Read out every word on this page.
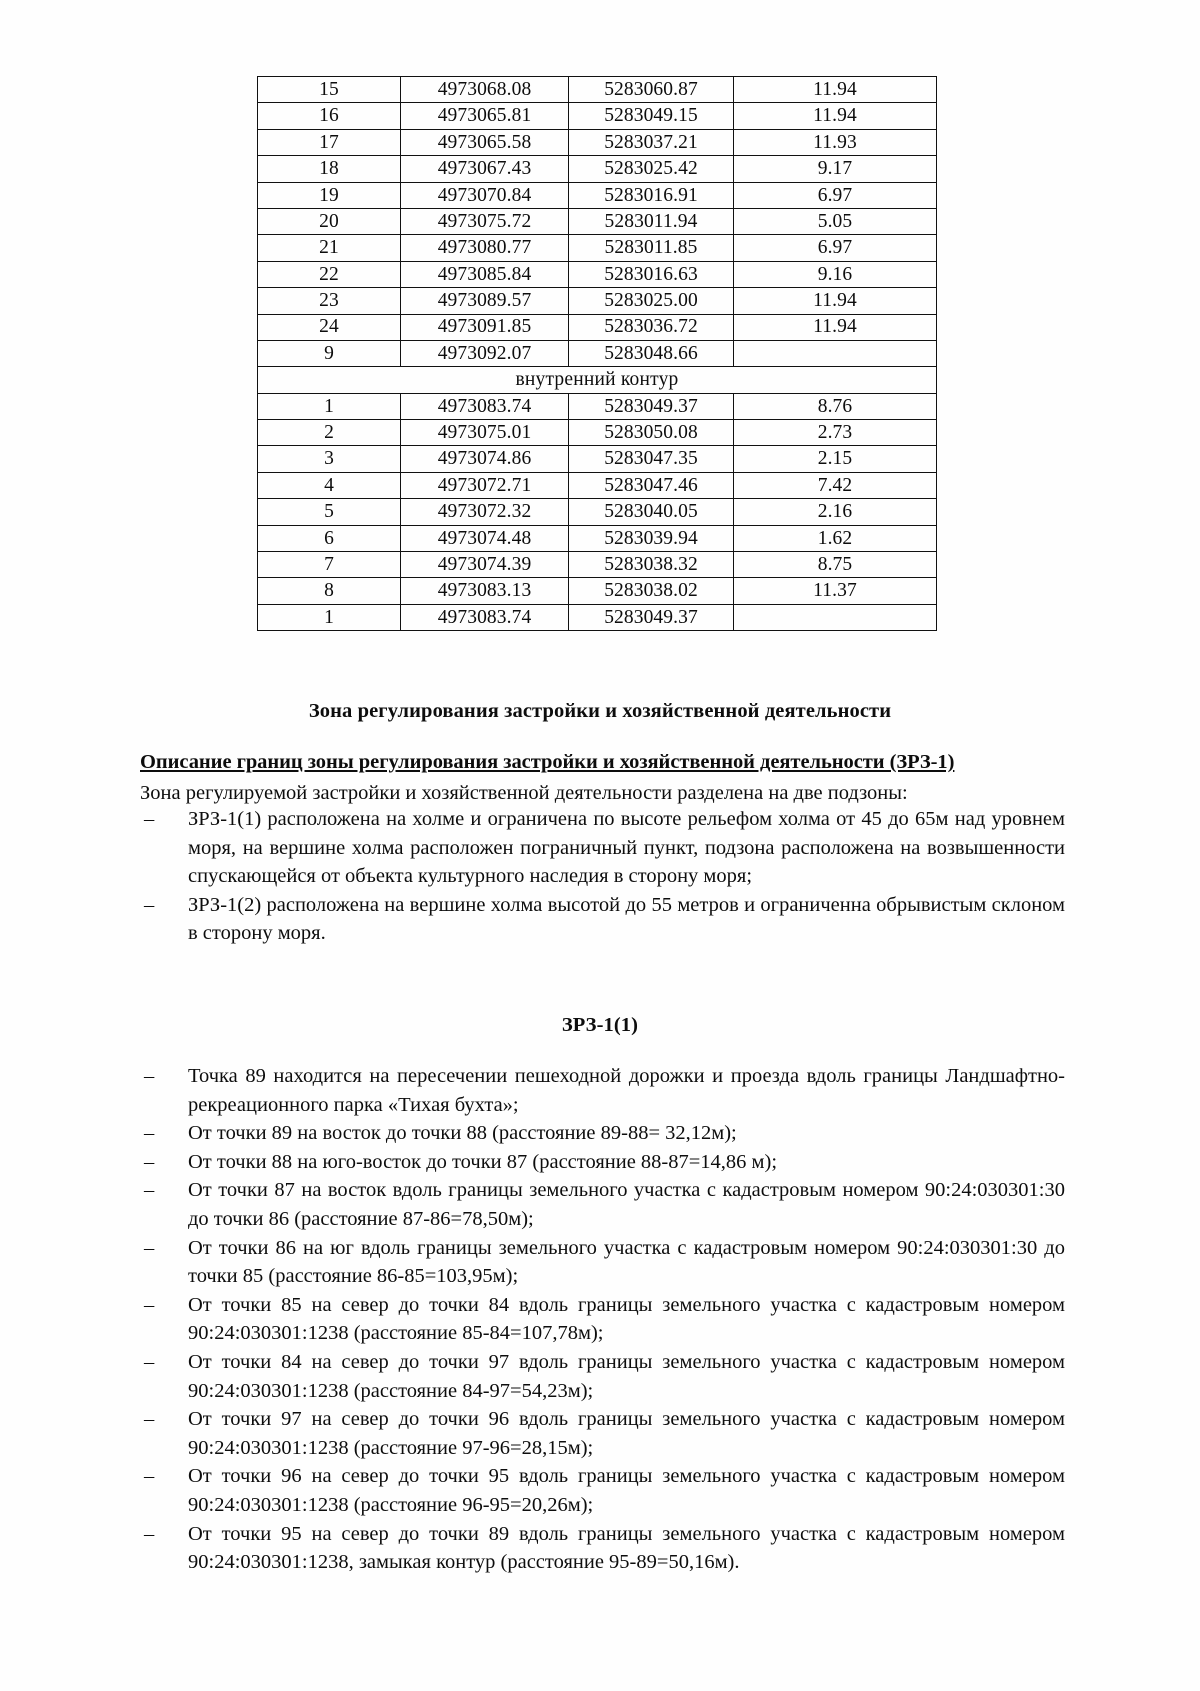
15	4973068.08	5283060.87	11.94
16	4973065.81	5283049.15	11.94
17	4973065.58	5283037.21	11.93
18	4973067.43	5283025.42	9.17
19	4973070.84	5283016.91	6.97
20	4973075.72	5283011.94	5.05
21	4973080.77	5283011.85	6.97
22	4973085.84	5283016.63	9.16
23	4973089.57	5283025.00	11.94
24	4973091.85	5283036.72	11.94
9	4973092.07	5283048.66	
внутренний контур			
1	4973083.74	5283049.37	8.76
2	4973075.01	5283050.08	2.73
3	4973074.86	5283047.35	2.15
4	4973072.71	5283047.46	7.42
5	4973072.32	5283040.05	2.16
6	4973074.48	5283039.94	1.62
7	4973074.39	5283038.32	8.75
8	4973083.13	5283038.02	11.37
1	4973083.74	5283049.37	
Зона регулирования застройки и хозяйственной деятельности
Описание границ зоны регулирования застройки и хозяйственной деятельности (ЗРЗ-1)
Зона регулируемой застройки и хозяйственной деятельности разделена на две подзоны:
– ЗРЗ-1(1) расположена на холме и ограничена по высоте рельефом холма от 45 до 65м над уровнем моря, на вершине холма расположен пограничный пункт, подзона расположена на возвышенности спускающейся от объекта культурного наследия в сторону моря;
– ЗРЗ-1(2) расположена на вершине холма высотой до 55 метров и ограниченна обрывистым склоном в сторону моря.
ЗРЗ-1(1)
– Точка 89 находится на пересечении пешеходной дорожки и проезда вдоль границы Ландшафтно- рекреационного парка «Тихая бухта»;
– От точки 89 на восток до точки 88 (расстояние 89-88= 32,12м);
– От точки 88 на юго-восток до точки 87 (расстояние 88-87=14,86 м);
– От точки 87 на восток вдоль границы земельного участка с кадастровым номером 90:24:030301:30 до точки 86 (расстояние 87-86=78,50м);
– От точки 86 на юг вдоль границы земельного участка с кадастровым номером 90:24:030301:30 до точки 85 (расстояние 86-85=103,95м);
– От точки 85 на север до точки 84 вдоль границы земельного участка с кадастровым номером 90:24:030301:1238 (расстояние 85-84=107,78м);
– От точки 84 на север до точки 97 вдоль границы земельного участка с кадастровым номером 90:24:030301:1238 (расстояние 84-97=54,23м);
– От точки 97 на север до точки 96 вдоль границы земельного участка с кадастровым номером 90:24:030301:1238 (расстояние 97-96=28,15м);
– От точки 96 на север до точки 95 вдоль границы земельного участка с кадастровым номером 90:24:030301:1238 (расстояние 96-95=20,26м);
– От точки 95 на север до точки 89 вдоль границы земельного участка с кадастровым номером 90:24:030301:1238, замыкая контур (расстояние 95-89=50,16м).
